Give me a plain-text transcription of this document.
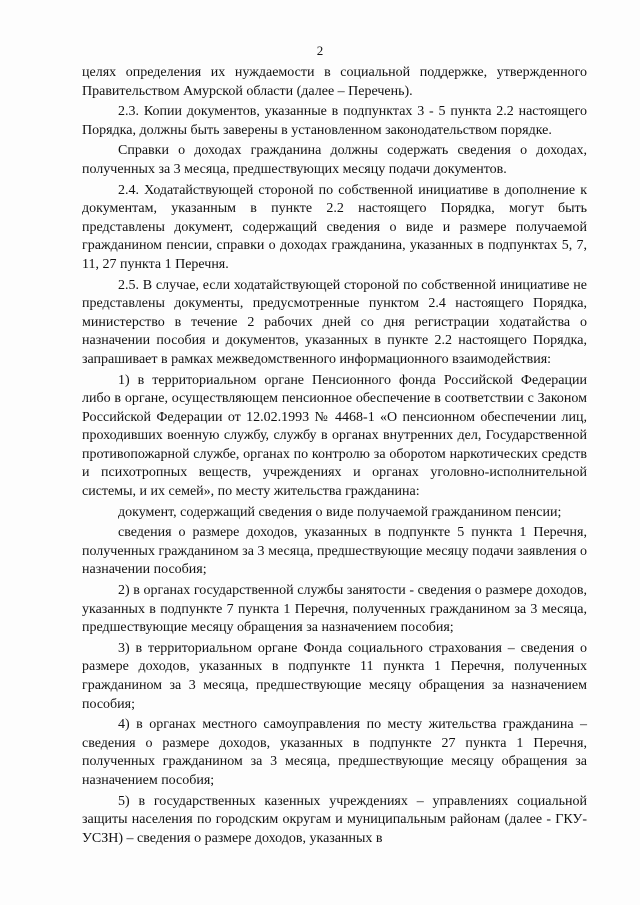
2

целях определения их нуждаемости в социальной поддержке, утвержденного Правительством Амурской области (далее – Перечень).

2.3. Копии документов, указанные в подпунктах 3 - 5 пункта 2.2 настоящего Порядка, должны быть заверены в установленном законодательством порядке.

Справки о доходах гражданина должны содержать сведения о доходах, полученных за 3 месяца, предшествующих месяцу подачи документов.

2.4. Ходатайствующей стороной по собственной инициативе в дополнение к документам, указанным в пункте 2.2 настоящего Порядка, могут быть представлены документ, содержащий сведения о виде и размере получаемой гражданином пенсии, справки о доходах гражданина, указанных в подпунктах 5, 7, 11, 27 пункта 1 Перечня.

2.5. В случае, если ходатайствующей стороной по собственной инициативе не представлены документы, предусмотренные пунктом 2.4 настоящего Порядка, министерство в течение 2 рабочих дней со дня регистрации ходатайства о назначении пособия и документов, указанных в пункте 2.2 настоящего Порядка, запрашивает в рамках межведомственного информационного взаимодействия:

1) в территориальном органе Пенсионного фонда Российской Федерации либо в органе, осуществляющем пенсионное обеспечение в соответствии с Законом Российской Федерации от 12.02.1993 № 4468-1 «О пенсионном обеспечении лиц, проходивших военную службу, службу в органах внутренних дел, Государственной противопожарной службе, органах по контролю за оборотом наркотических средств и психотропных веществ, учреждениях и органах уголовно-исполнительной системы, и их семей», по месту жительства гражданина:

документ, содержащий сведения о виде получаемой гражданином пенсии;

сведения о размере доходов, указанных в подпункте 5 пункта 1 Перечня, полученных гражданином за 3 месяца, предшествующие месяцу подачи заявления о назначении пособия;

2) в органах государственной службы занятости - сведения о размере доходов, указанных в подпункте 7 пункта 1 Перечня, полученных гражданином за 3 месяца, предшествующие месяцу обращения за назначением пособия;

3) в территориальном органе Фонда социального страхования – сведения о размере доходов, указанных в подпункте 11 пункта 1 Перечня, полученных гражданином за 3 месяца, предшествующие месяцу обращения за назначением пособия;

4) в органах местного самоуправления по месту жительства гражданина – сведения о размере доходов, указанных в подпункте 27 пункта 1 Перечня, полученных гражданином за 3 месяца, предшествующие месяцу обращения за назначением пособия;

5) в государственных казенных учреждениях – управлениях социальной защиты населения по городским округам и муниципальным районам (далее - ГКУ-УСЗН) – сведения о размере доходов, указанных в
